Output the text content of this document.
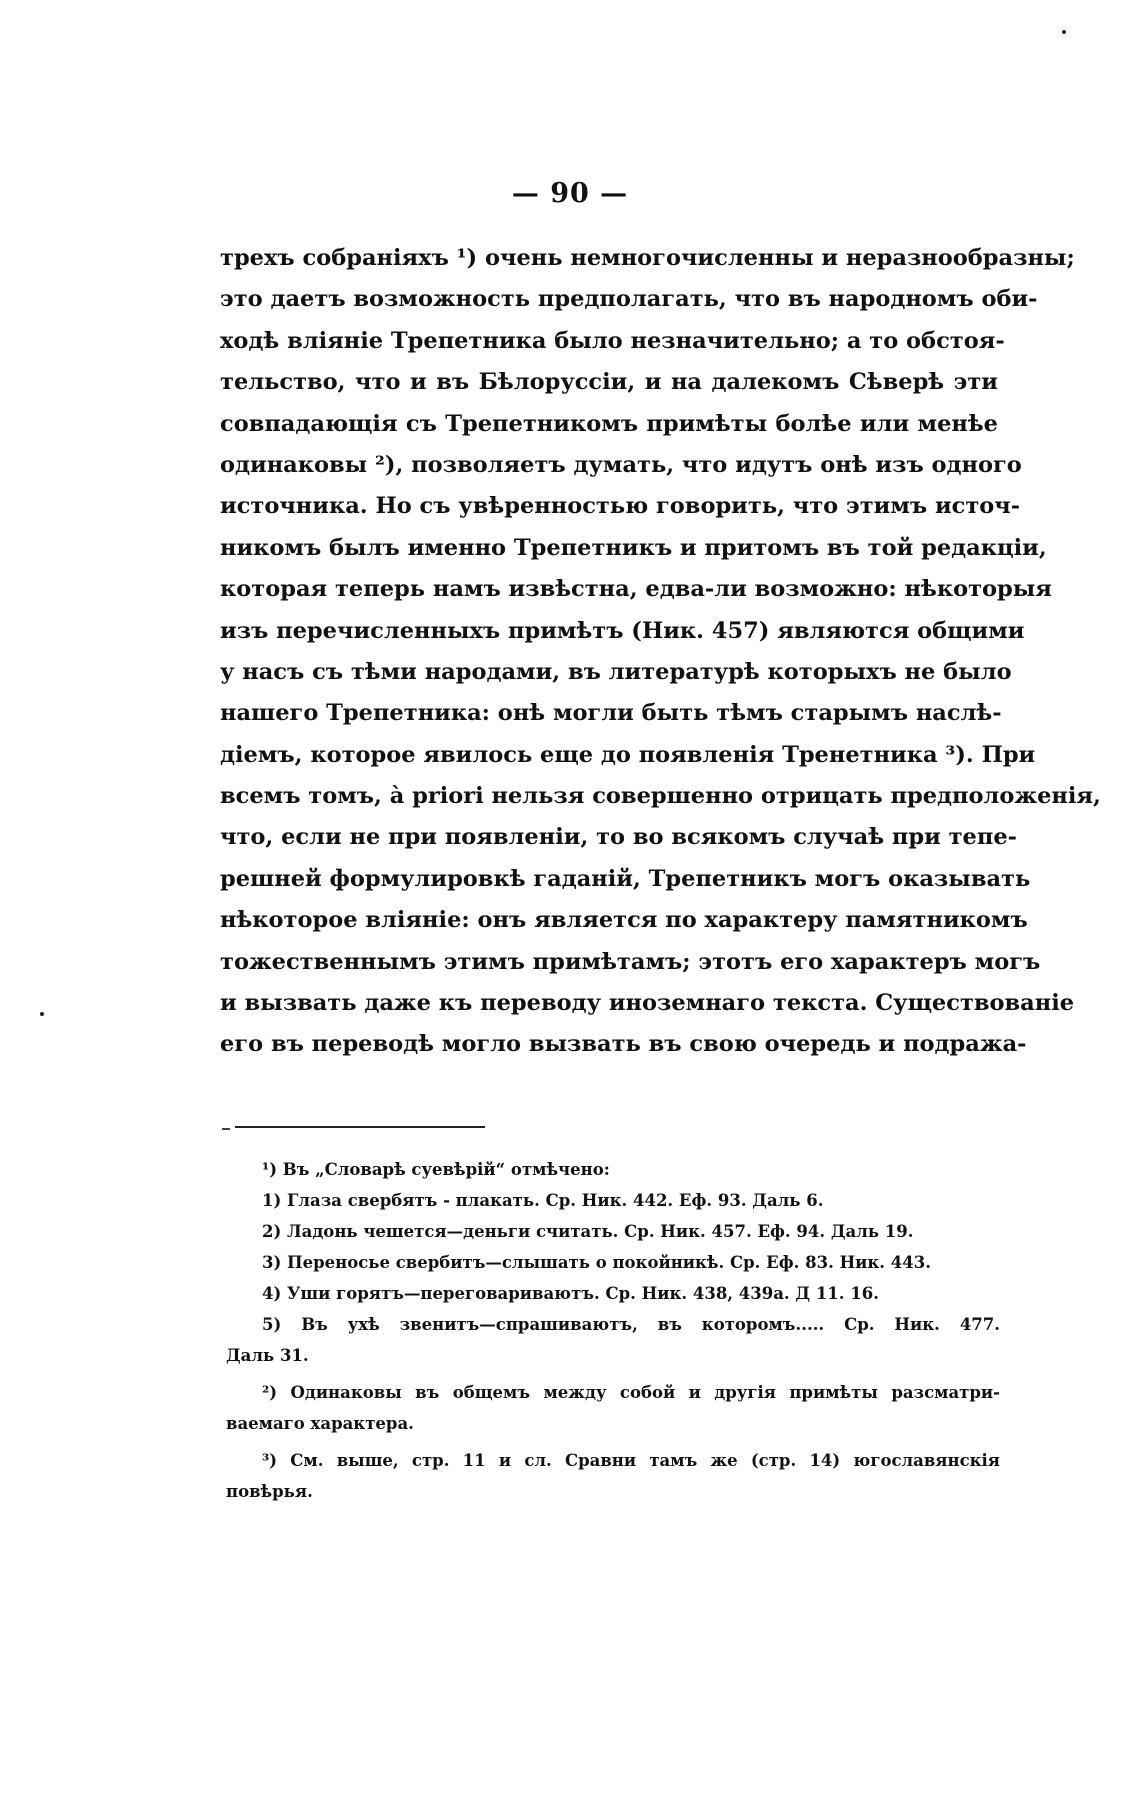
— 90 —
трехъ собраніяхъ ¹) очень немногочисленны и неразнообразны;
это даетъ возможность предполагать, что въ народномъ оби-
ходѣ вліяніе Трепетника было незначительно; а то обстоя-
тельство, что и въ Бѣлоруссіи, и на далекомъ Сѣверѣ эти
совпадающія съ Трепетникомъ примѣты болѣе или менѣе
одинаковы ²), позволяетъ думать, что идутъ онѣ изъ одного
источника. Но съ увѣренностью говорить, что этимъ источ-
никомъ былъ именно Трепетникъ и притомъ въ той редакціи,
которая теперь намъ извѣстна, едва-ли возможно: нѣкоторыя
изъ перечисленныхъ примѣтъ (Ник. 457) являются общими
у насъ съ тѣми народами, въ литературѣ которыхъ не было
нашего Трепетника: онѣ могли быть тѣмъ старымъ наслѣ-
діемъ, которое явилось еще до появленія Тренетника ³). При
всемъ томъ, à priori нельзя совершенно отрицать предположенія,
что, если не при появленіи, то во всякомъ случаѣ при тепе-
решней формулировкѣ гаданій, Трепетникъ могъ оказывать
нѣкоторое вліяніе: онъ является по характеру памятникомъ
тожественнымъ этимъ примѣтамъ; этотъ его характеръ могъ
и вызвать даже къ переводу иноземнаго текста. Существованіе
его въ переводѣ могло вызвать въ свою очередь и подража-
¹) Въ „Словарѣ суевѣрій“ отмѣчено:
1) Глаза свербятъ - плакать. Ср. Ник. 442. Еф. 93. Даль 6.
2) Ладонь чешется—деньги считать. Ср. Ник. 457. Еф. 94. Даль 19.
3) Переносье свербитъ—слышать о покойникѣ. Ср. Еф. 83. Ник. 443.
4) Уши горятъ—переговариваютъ. Ср. Ник. 438, 439а. Д 11. 16.
5) Въ ухѣ звенитъ—спрашиваютъ, въ которомъ..... Ср. Ник. 477.
Даль 31.
²) Одинаковы въ общемъ между собой и другія примѣты разсматри-
ваемаго характера.
³) См. выше, стр. 11 и сл. Сравни тамъ же (стр. 14) югославянскія
повѣрья.
